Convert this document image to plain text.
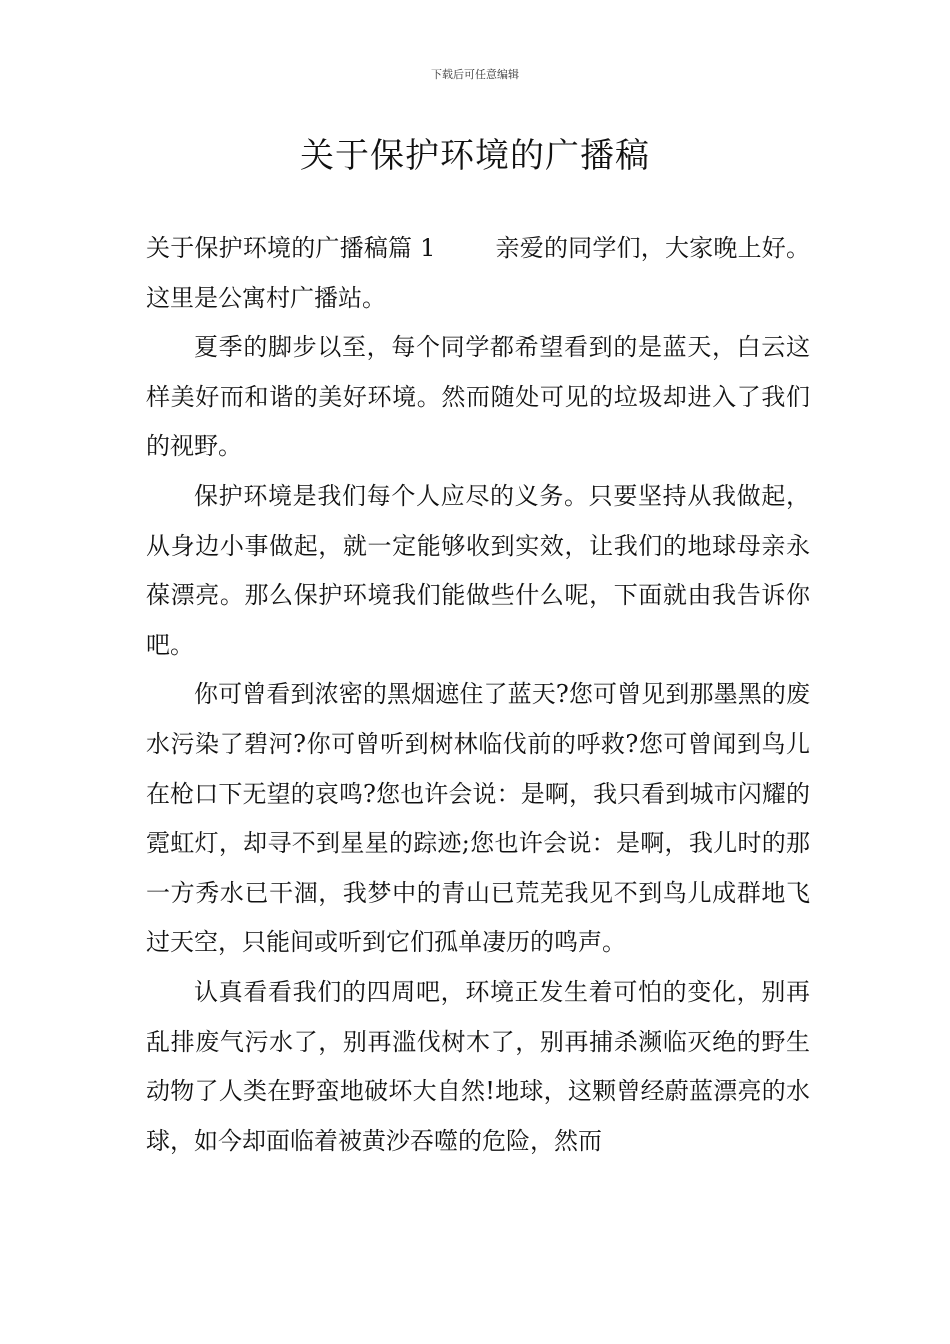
下载后可任意编辑
关于保护环境的广播稿

关于保护环境的广播稿篇 1	亲爱的同学们，大家晚上好。这里是公寓村广播站。

夏季的脚步以至，每个同学都希望看到的是蓝天，白云这样美好而和谐的美好环境。然而随处可见的垃圾却进入了我们的视野。

保护环境是我们每个人应尽的义务。只要坚持从我做起，从身边小事做起，就一定能够收到实效，让我们的地球母亲永葆漂亮。那么保护环境我们能做些什么呢，下面就由我告诉你吧。

你可曾看到浓密的黑烟遮住了蓝天?您可曾见到那墨黑的废水污染了碧河?你可曾听到树林临伐前的呼救?您可曾闻到鸟儿在枪口下无望的哀鸣?您也许会说：是啊，我只看到城市闪耀的霓虹灯，却寻不到星星的踪迹;您也许会说：是啊，我儿时的那一方秀水已干涸，我梦中的青山已荒芜我见不到鸟儿成群地飞过天空，只能间或听到它们孤单凄历的鸣声。

认真看看我们的四周吧，环境正发生着可怕的变化，别再乱排废气污水了，别再滥伐树木了，别再捕杀濒临灭绝的野生动物了人类在野蛮地破坏大自然!地球，这颗曾经蔚蓝漂亮的水球，如今却面临着被黄沙吞噬的危险，然而
